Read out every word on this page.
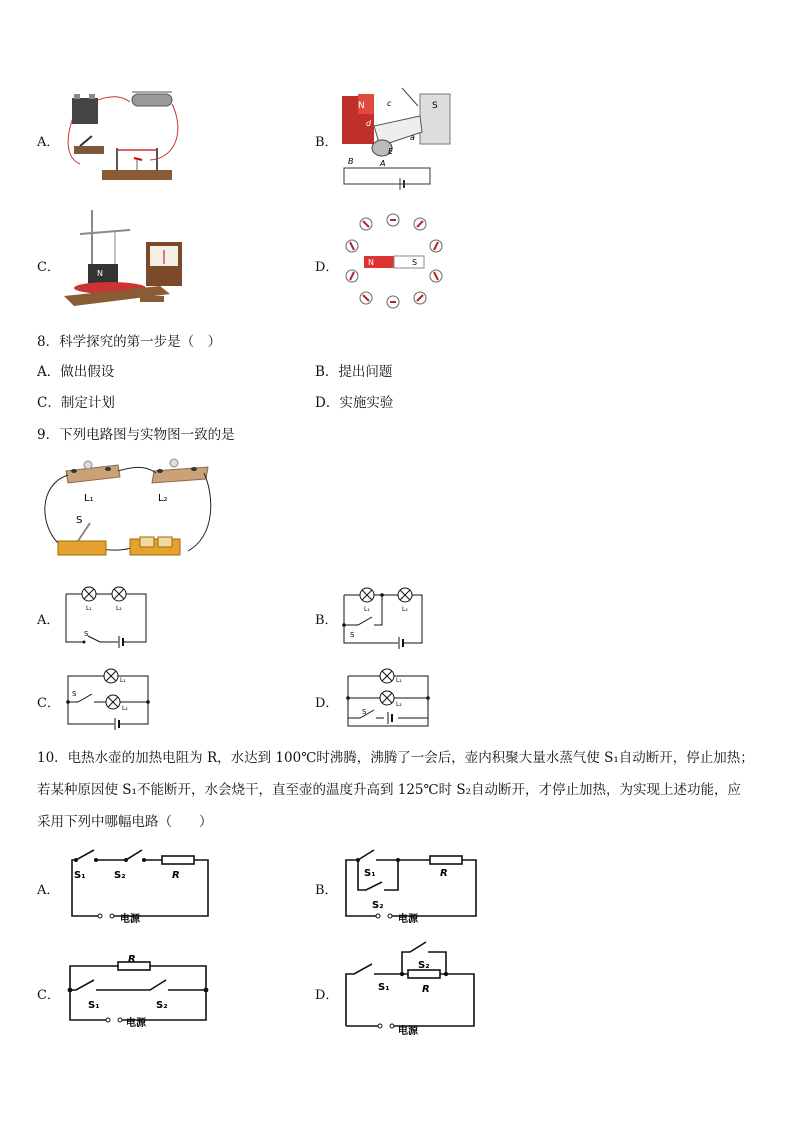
A．	B．
C．	D．
N	S
c
d
a
B	A
E
N
N	S
8．科学探究的第一步是（　）
A．做出假设	B．提出问题
C．制定计划	D．实施实验
9．下列电路图与实物图一致的是
L₁	L₂
S
A．	B．
C．	D．
L₁	L₂
S
L₁	L₂
S
L₁
L₂
S
L₁
L₂
S
10．电热水壶的加热电阻为 R，水达到 100℃时沸腾，沸腾了一会后，壶内积聚大量水蒸气使 S₁自动断开，停止加热；
若某种原因使 S₁不能断开，水会烧干，直至壶的温度升高到 125℃时 S₂自动断开，才停止加热，为实现上述功能，应
采用下列中哪幅电路（　　）
A．	B．
C．	D．
S₁	S₂	R
电源
S₁
S₂
R
电源
R
S₁	S₂
电源
S₁
S₂
R
电源
